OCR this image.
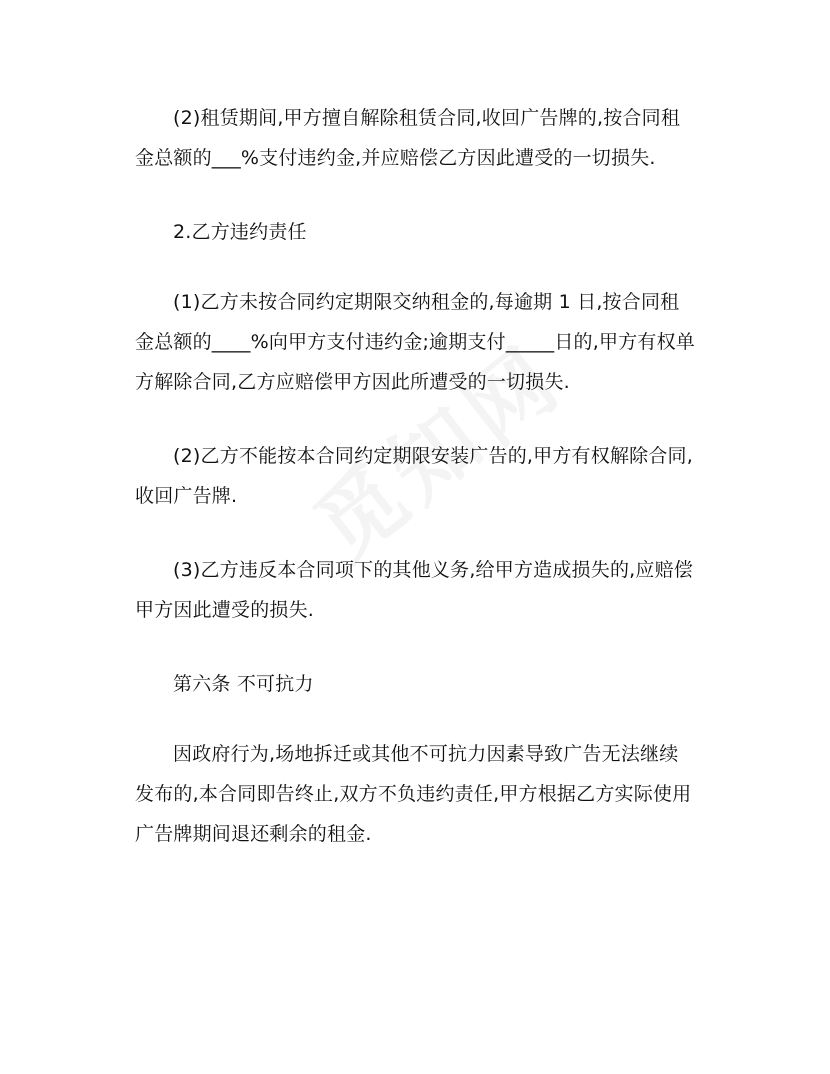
(2)租赁期间,甲方擅自解除租赁合同,收回广告牌的,按合同租金总额的___%支付违约金,并应赔偿乙方因此遭受的一切损失.

2.乙方违约责任

(1)乙方未按合同约定期限交纳租金的,每逾期 1 日,按合同租金总额的____%向甲方支付违约金;逾期支付_____日的,甲方有权单方解除合同,乙方应赔偿甲方因此所遭受的一切损失.

(2)乙方不能按本合同约定期限安装广告的,甲方有权解除合同,收回广告牌.

(3)乙方违反本合同项下的其他义务,给甲方造成损失的,应赔偿甲方因此遭受的损失.

第六条 不可抗力

因政府行为,场地拆迁或其他不可抗力因素导致广告无法继续发布的,本合同即告终止,双方不负违约责任,甲方根据乙方实际使用广告牌期间退还剩余的租金.
